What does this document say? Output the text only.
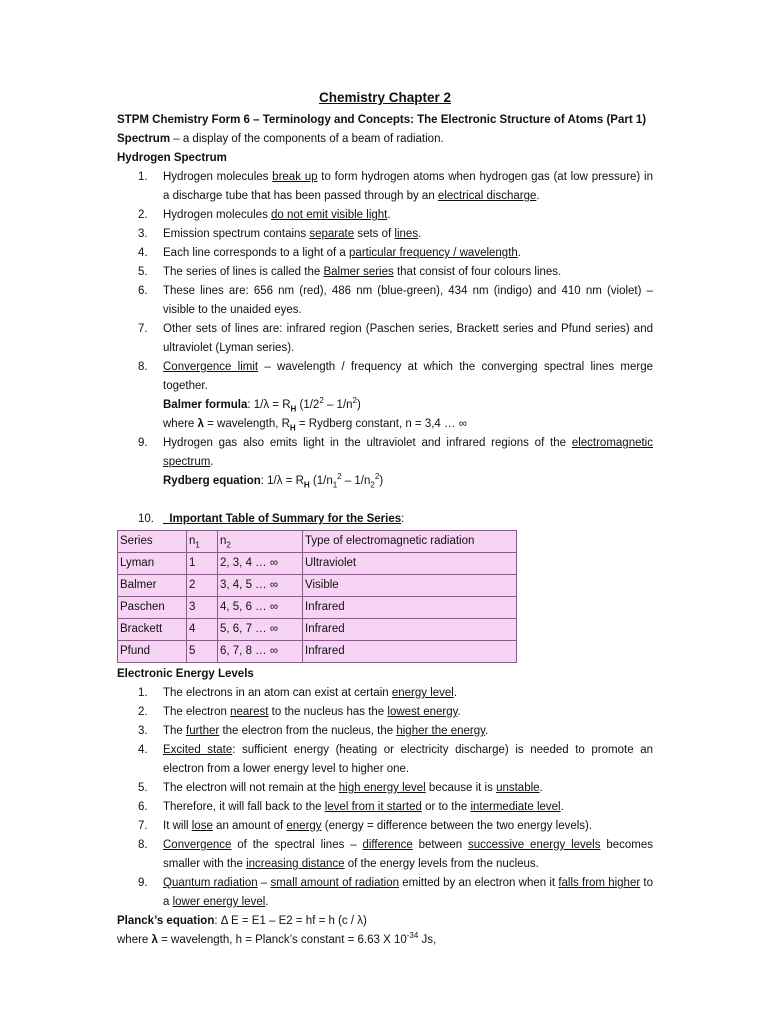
Chemistry Chapter 2
STPM Chemistry Form 6 – Terminology and Concepts: The Electronic Structure of Atoms (Part 1)
Spectrum – a display of the components of a beam of radiation.
Hydrogen Spectrum
1. Hydrogen molecules break up to form hydrogen atoms when hydrogen gas (at low pressure) in a discharge tube that has been passed through by an electrical discharge.
2. Hydrogen molecules do not emit visible light.
3. Emission spectrum contains separate sets of lines.
4. Each line corresponds to a light of a particular frequency / wavelength.
5. The series of lines is called the Balmer series that consist of four colours lines.
6. These lines are: 656 nm (red), 486 nm (blue-green), 434 nm (indigo) and 410 nm (violet) – visible to the unaided eyes.
7. Other sets of lines are: infrared region (Paschen series, Brackett series and Pfund series) and ultraviolet (Lyman series).
8. Convergence limit – wavelength / frequency at which the converging spectral lines merge together.
Balmer formula: $1/\lambda = R_H$ $(1/2^2 - 1/n^2)$
where λ = wavelength, $R_H$ = Rydberg constant, n = 3,4 … ∞
9. Hydrogen gas also emits light in the ultraviolet and infrared regions of the electromagnetic spectrum.
Rydberg equation: $1/\lambda = R_H$ $(1/n_1^2 - 1/n_2^2)$
10. _Important Table of Summary for the Series:
Series	$n_1$	$n_2$	Type of electromagnetic radiation
Lyman	1	2, 3, 4 … ∞	Ultraviolet
Balmer	2	3, 4, 5 … ∞	Visible
Paschen	3	4, 5, 6 … ∞	Infrared
Brackett	4	5, 6, 7 … ∞	Infrared
Pfund	5	6, 7, 8 … ∞	Infrared
Electronic Energy Levels
1. The electrons in an atom can exist at certain energy level.
2. The electron nearest to the nucleus has the lowest energy.
3. The further the electron from the nucleus, the higher the energy.
4. Excited state: sufficient energy (heating or electricity discharge) is needed to promote an electron from a lower energy level to higher one.
5. The electron will not remain at the high energy level because it is unstable.
6. Therefore, it will fall back to the level from it started or to the intermediate level.
7. It will lose an amount of energy (energy = difference between the two energy levels).
8. Convergence of the spectral lines – difference between successive energy levels becomes smaller with the increasing distance of the energy levels from the nucleus.
9. Quantum radiation – small amount of radiation emitted by an electron when it falls from higher to a lower energy level.
Planck’s equation: Δ E = E1 – E2 = hf = h (c / λ)
where λ = wavelength, h = Planck’s constant = 6.63 X $10^{-34}$ Js,
